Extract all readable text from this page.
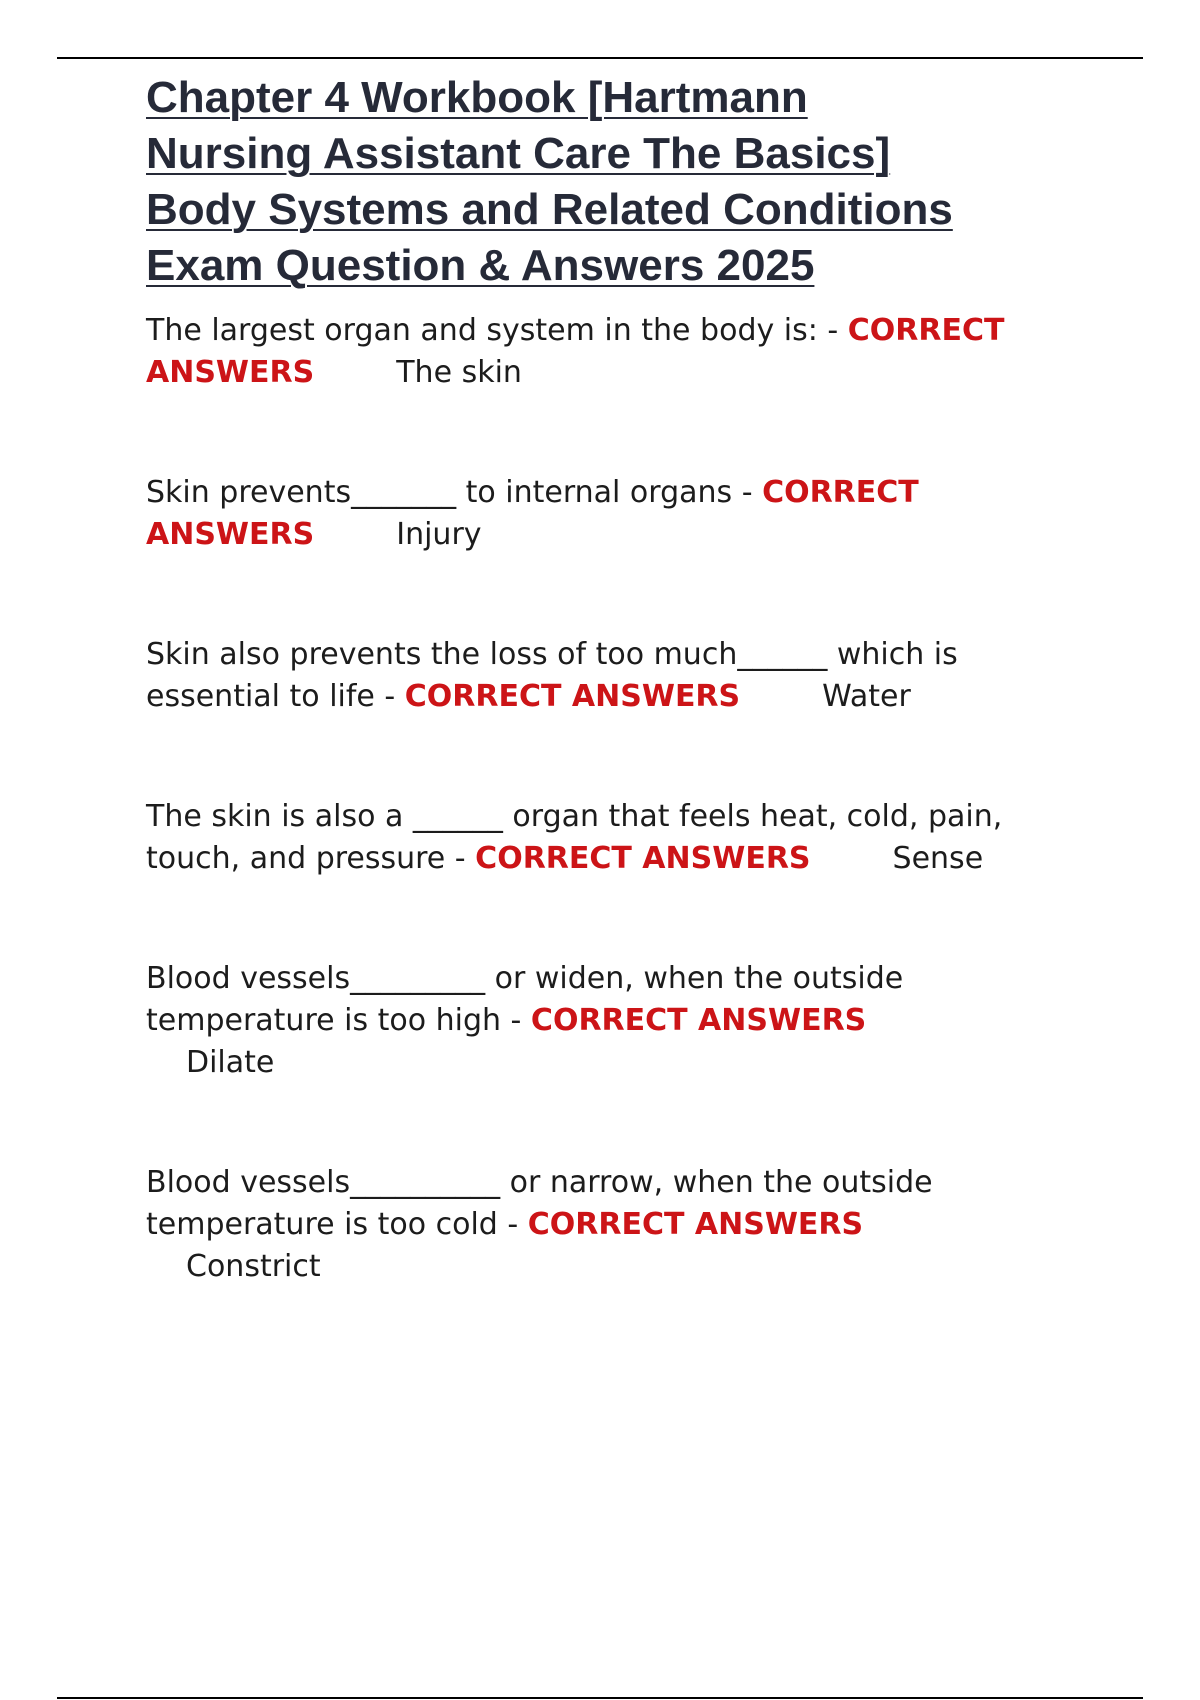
Chapter 4 Workbook [Hartmann
Nursing Assistant Care The Basics]
Body Systems and Related Conditions
Exam Question & Answers 2025

The largest organ and system in the body is: - CORRECT
ANSWERS	The skin

Skin prevents_______ to internal organs - CORRECT
ANSWERS	Injury

Skin also prevents the loss of too much______ which is
essential to life - CORRECT ANSWERS	Water

The skin is also a ______ organ that feels heat, cold, pain,
touch, and pressure - CORRECT ANSWERS	Sense

Blood vessels_________ or widen, when the outside
temperature is too high - CORRECT ANSWERS
Dilate

Blood vessels__________ or narrow, when the outside
temperature is too cold - CORRECT ANSWERS
Constrict
